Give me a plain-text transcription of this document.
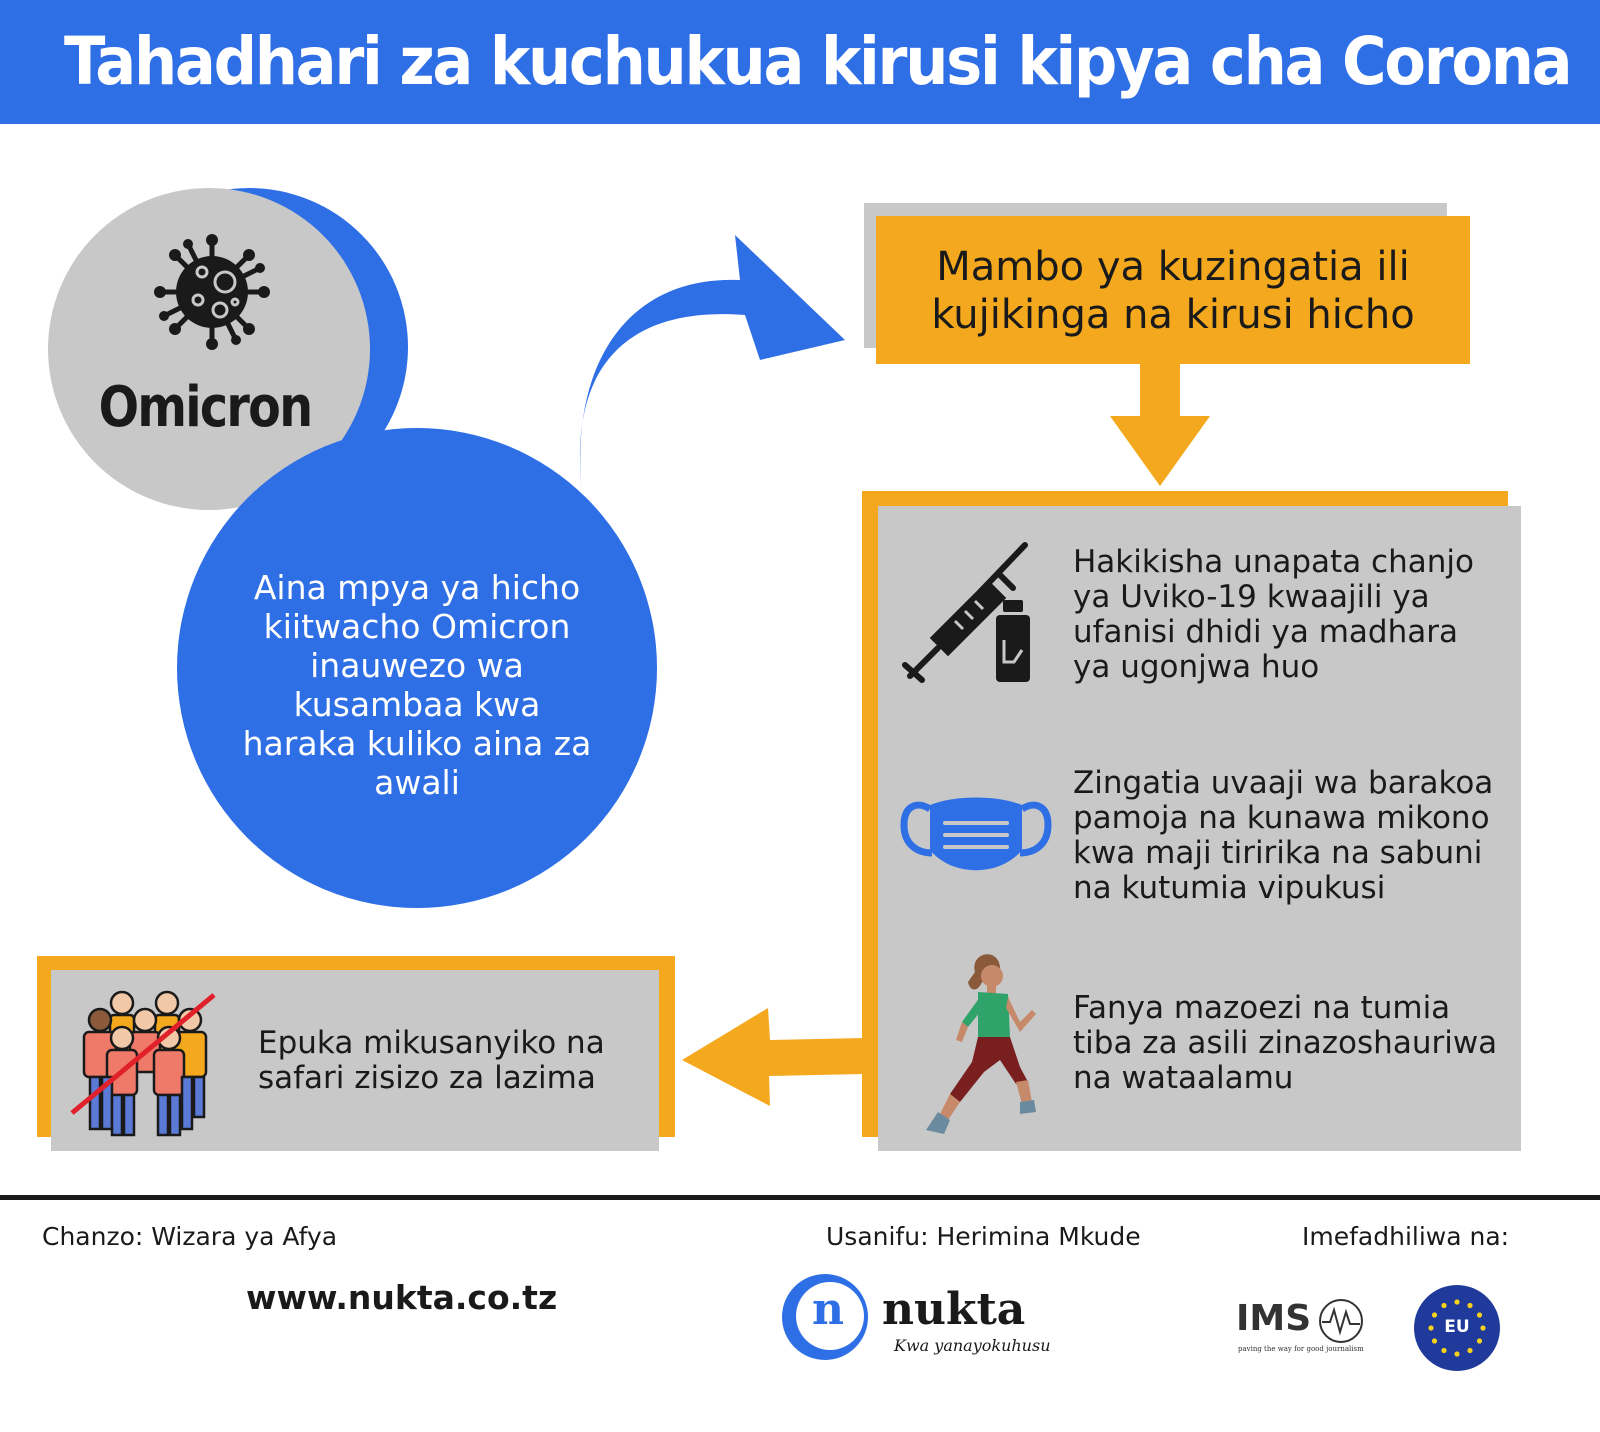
Tahadhari za kuchukua kirusi kipya cha Corona
Omicron
Aina mpya ya hicho kiitwacho Omicron inauwezo wa kusambaa kwa haraka kuliko aina za awali
Mambo ya kuzingatia ili kujikinga na kirusi hicho
Hakikisha unapata chanjo ya Uviko-19 kwaajili ya ufanisi dhidi ya madhara ya ugonjwa huo
Zingatia uvaaji wa barakoa pamoja na kunawa mikono kwa maji tiririka na sabuni na kutumia vipukusi
Fanya mazoezi na tumia tiba za asili zinazoshauriwa na wataalamu
Epuka mikusanyiko na safari zisizo za lazima
Chanzo: Wizara ya Afya
www.nukta.co.tz
Usanifu: Herimina Mkude	Imefadhiliwa na:
n nukta
Kwa yanayokuhusu
IMS
paving the way for good journalism
EU
